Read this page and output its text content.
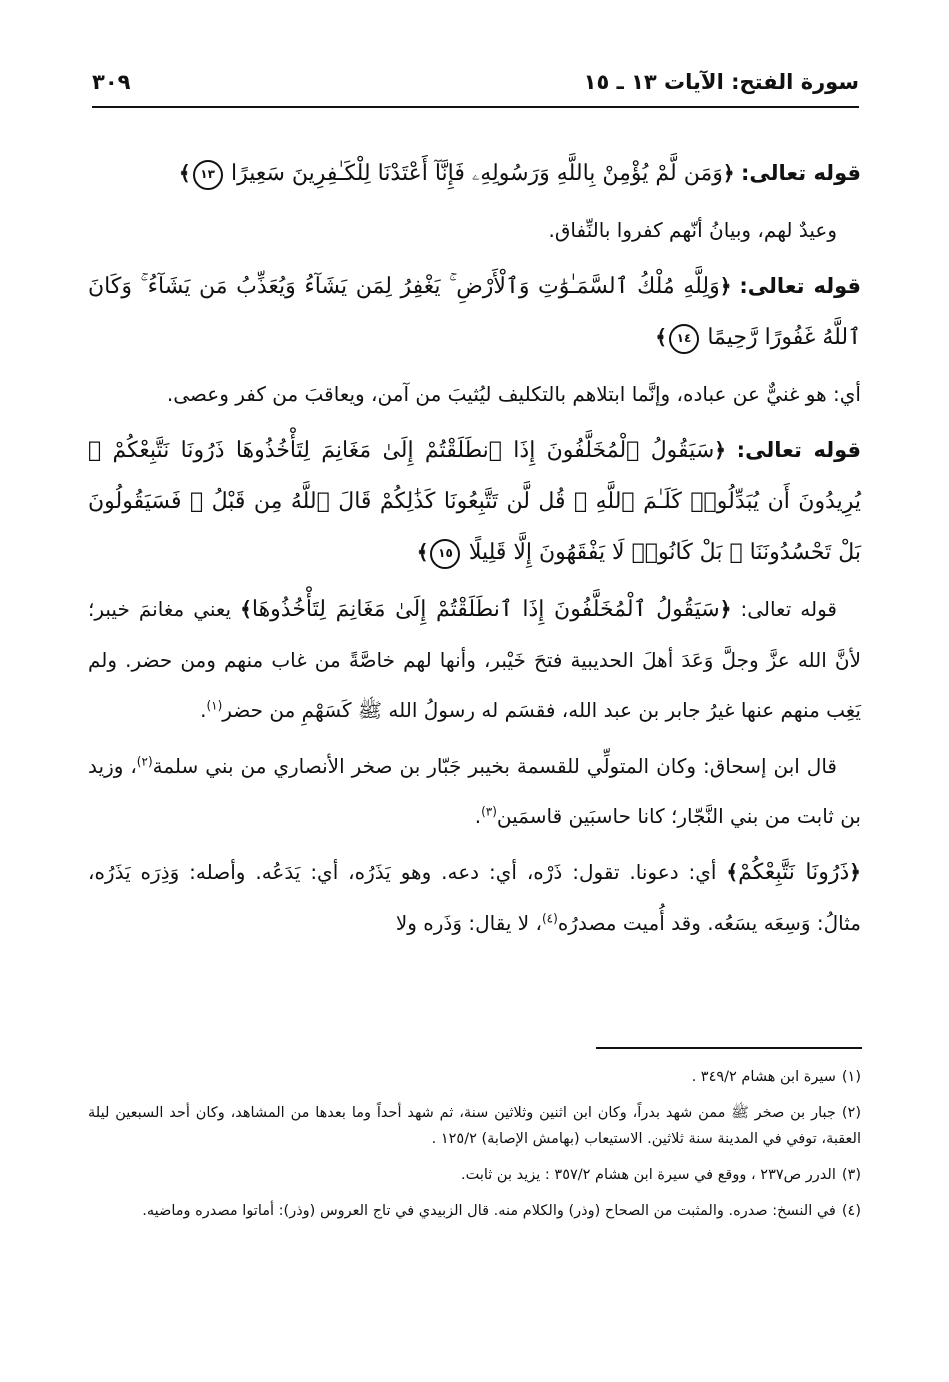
سورة الفتح: الآيات ١٣ ـ ١٥
٣٠٩

قوله تعالى: ﴿وَمَن لَّمْ يُؤْمِنْ بِاللَّهِ وَرَسُولِهِۦ فَإِنَّآ أَعْتَدْنَا لِلْكَـٰفِرِينَ سَعِيرًا ١٣﴾

وعيدٌ لهم، وبيانُ أنّهم كفروا بالنِّفاق.

قوله تعالى: ﴿وَلِلَّهِ مُلْكُ ٱلسَّمَـٰوَٰتِ وَٱلْأَرْضِ ۚ يَغْفِرُ لِمَن يَشَآءُ وَيُعَذِّبُ مَن يَشَآءُ ۚ وَكَانَ ٱللَّهُ غَفُورًا رَّحِيمًا ١٤﴾

أي: هو غنيٌّ عن عباده، وإنَّما ابتلاهم بالتكليف ليُثيبَ من آمن، ويعاقبَ من كفر وعصى.

قوله تعالى: ﴿سَيَقُولُ ٱلْمُخَلَّفُونَ إِذَا ٱنطَلَقْتُمْ إِلَىٰ مَغَانِمَ لِتَأْخُذُوهَا ذَرُونَا نَتَّبِعْكُمْ ۖ يُرِيدُونَ أَن يُبَدِّلُوا۟ كَلَـٰمَ ٱللَّهِ ۚ قُل لَّن تَتَّبِعُونَا كَذَٰلِكُمْ قَالَ ٱللَّهُ مِن قَبْلُ ۖ فَسَيَقُولُونَ بَلْ تَحْسُدُونَنَا ۚ بَلْ كَانُوا۟ لَا يَفْقَهُونَ إِلَّا قَلِيلًا ١٥﴾

قوله تعالى: ﴿سَيَقُولُ ٱلْمُخَلَّفُونَ إِذَا ٱنطَلَقْتُمْ إِلَىٰ مَغَانِمَ لِتَأْخُذُوهَا﴾ يعني مغانمَ خيبر؛ لأنَّ الله عزَّ وجلَّ وَعَدَ أهلَ الحديبية فتحَ خَيْبر، وأنها لهم خاصَّةً من غاب منهم ومن حضر. ولم يَغِب منهم عنها غيرُ جابر بن عبد الله، فقسَم له رسولُ الله ﷺ كَسَهْمِ من حضر$^{(١)}$.

قال ابن إسحاق: وكان المتولِّي للقسمة بخيبر جَبّار بن صخر الأنصاري من بني سلمة$^{(٢)}$، وزيد بن ثابت من بني النَّجّار؛ كانا حاسبَين قاسمَين$^{(٣)}$.

﴿ذَرُونَا نَتَّبِعْكُمْ﴾ أي: دعونا. تقول: ذَرْه، أي: دعه. وهو يَذَرُه، أي: يَدَعُه. وأصله: وَذِرَه يَذَرُه، مثالُ: وَسِعَه يسَعُه. وقد أُميت مصدرُه$^{(٤)}$، لا يقال: وَذَره ولا

(١)سيرة ابن هشام ٣٤٩/٢ .

(٢)جبار بن صخر ﷺ ممن شهد بدراً، وكان ابن اثنين وثلاثين سنة، ثم شهد أحداً وما بعدها من المشاهد، وكان أحد السبعين ليلة العقبة، توفي في المدينة سنة ثلاثين. الاستيعاب (بهامش الإصابة) ١٢٥/٢ .

(٣)الدرر ص٢٣٧ ، ووقع في سيرة ابن هشام ٣٥٧/٢ : يزيد بن ثابت.

(٤)في النسخ: صدره. والمثبت من الصحاح (وذر) والكلام منه. قال الزبيدي في تاج العروس (وذر): أماتوا مصدره وماضيه.
